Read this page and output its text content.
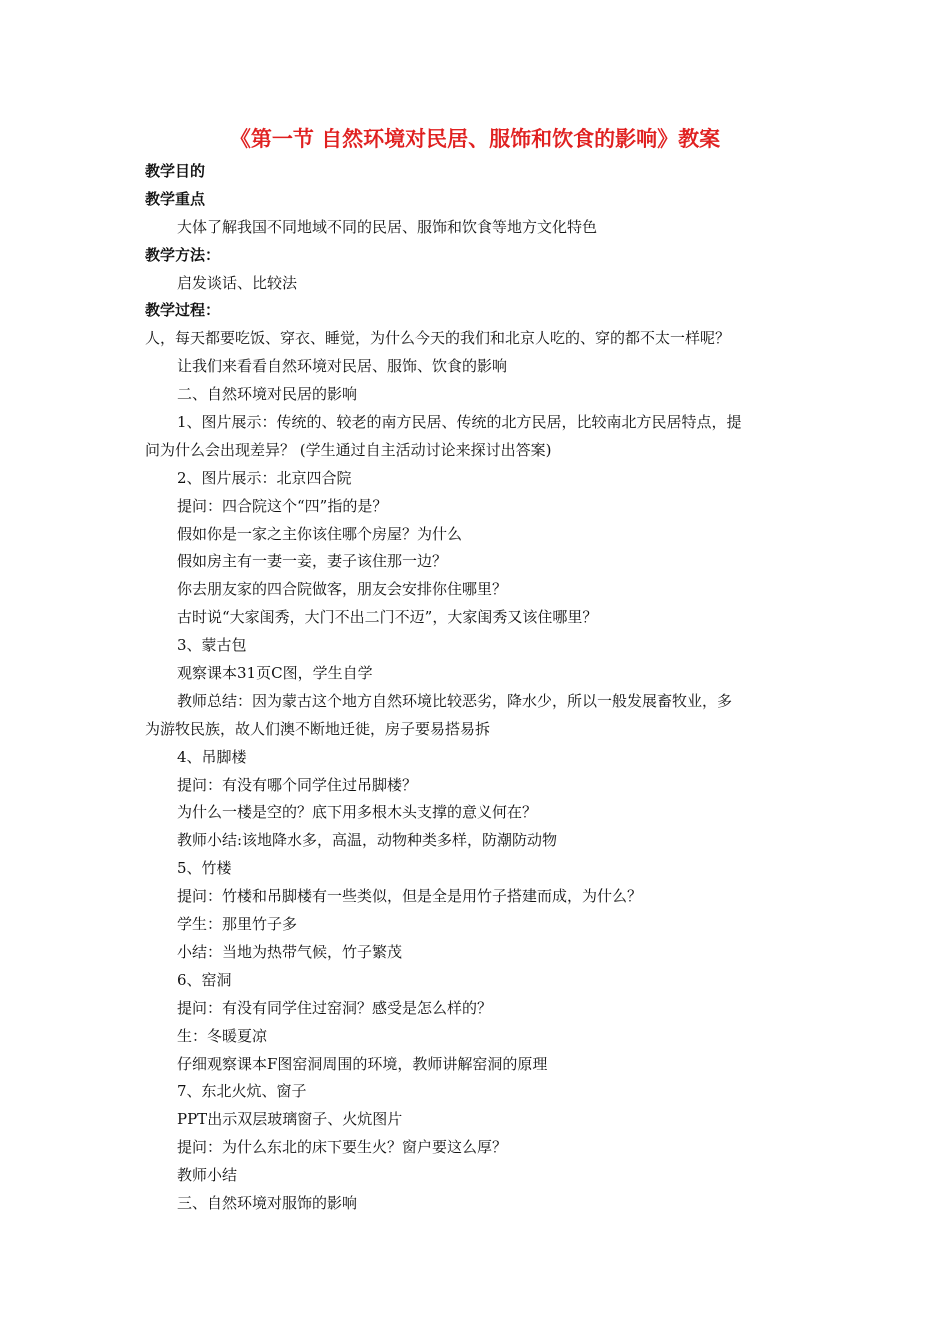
《第一节 自然环境对民居、服饰和饮食的影响》教案
教学目的
教学重点
大体了解我国不同地域不同的民居、服饰和饮食等地方文化特色
教学方法：
启发谈话、比较法
教学过程：
人，每天都要吃饭、穿衣、睡觉，为什么今天的我们和北京人吃的、穿的都不太一样呢？
让我们来看看自然环境对民居、服饰、饮食的影响
二、自然环境对民居的影响
1、图片展示：传统的、较老的南方民居、传统的北方民居，比较南北方民居特点，提
问为什么会出现差异？ (学生通过自主活动讨论来探讨出答案)
2、图片展示：北京四合院
提问：四合院这个“四”指的是？
假如你是一家之主你该住哪个房屋？为什么
假如房主有一妻一妾，妻子该住那一边？
你去朋友家的四合院做客，朋友会安排你住哪里？
古时说“大家闺秀，大门不出二门不迈”，大家闺秀又该住哪里？
3、蒙古包
观察课本31页C图，学生自学
教师总结：因为蒙古这个地方自然环境比较恶劣，降水少，所以一般发展畜牧业，多
为游牧民族，故人们澳不断地迁徙，房子要易搭易拆
4、吊脚楼
提问：有没有哪个同学住过吊脚楼？
为什么一楼是空的？底下用多根木头支撑的意义何在？
教师小结:该地降水多，高温，动物种类多样，防潮防动物
5、竹楼
提问：竹楼和吊脚楼有一些类似，但是全是用竹子搭建而成，为什么？
学生：那里竹子多
小结：当地为热带气候，竹子繁茂
6、窑洞
提问：有没有同学住过窑洞？感受是怎么样的？
生：冬暖夏凉
仔细观察课本F图窑洞周围的环境，教师讲解窑洞的原理
7、东北火炕、窗子
PPT出示双层玻璃窗子、火炕图片
提问：为什么东北的床下要生火？窗户要这么厚？
教师小结
三、自然环境对服饰的影响
